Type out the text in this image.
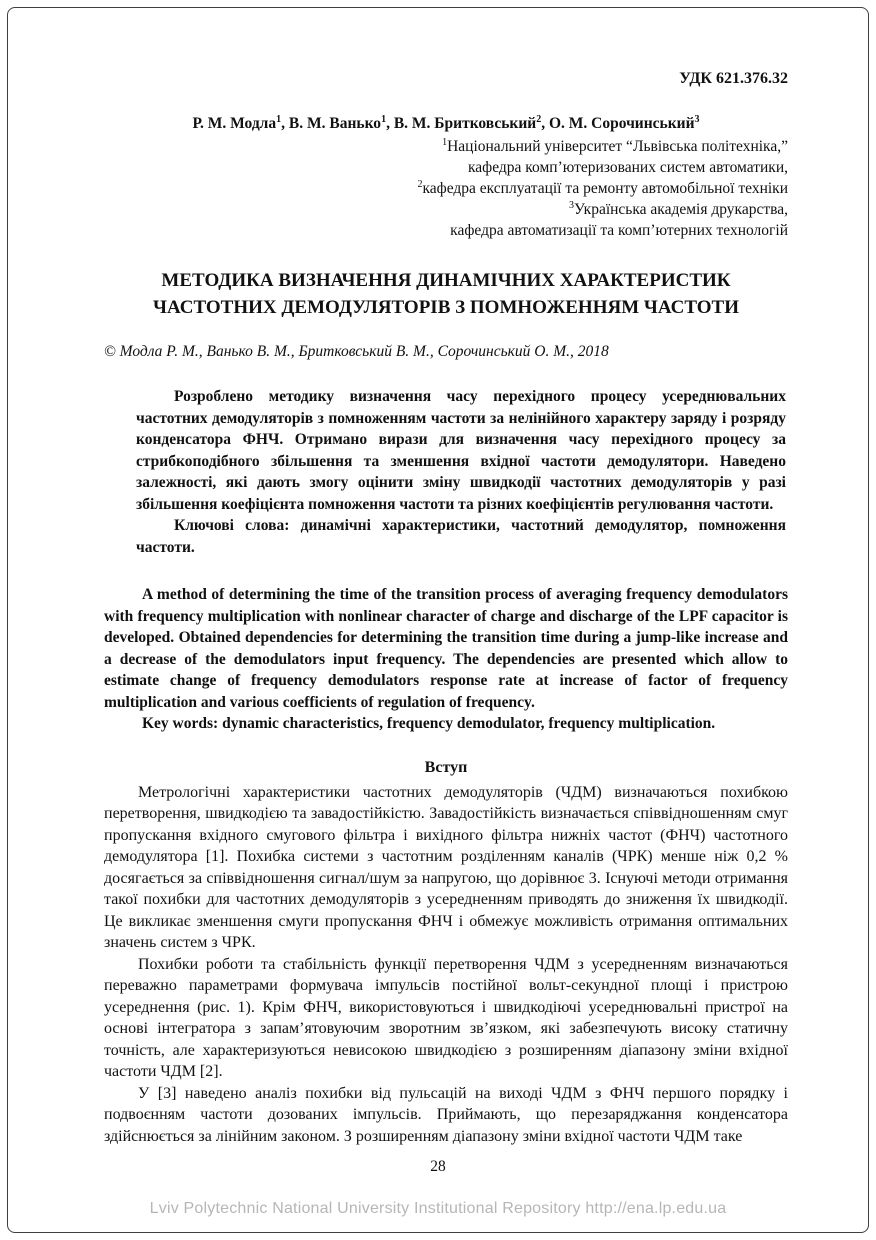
УДК 621.376.32
Р. М. Модла$^1$, В. М. Ванько$^1$, В. М. Бритковський$^2$, О. М. Сорочинський$^3$
$^1$Національний університет “Львівська політехніка,”
кафедра комп’ютеризованих систем автоматики,
$^2$кафедра експлуатації та ремонту автомобільної техніки
$^3$Українська академія друкарства,
кафедра автоматизації та комп’ютерних технологій
МЕТОДИКА ВИЗНАЧЕННЯ ДИНАМІЧНИХ ХАРАКТЕРИСТИК ЧАСТОТНИХ ДЕМОДУЛЯТОРІВ З ПОМНОЖЕННЯМ ЧАСТОТИ
© Модла Р. М., Ванько В. М., Бритковський В. М., Сорочинський О. М., 2018

Розроблено методику визначення часу перехідного процесу усереднювальних частотних демодуляторів з помноженням частоти за нелінійного характеру заряду і розряду конденсатора ФНЧ. Отримано вирази для визначення часу перехідного процесу за стрибкоподібного збільшення та зменшення вхідної частоти демодулятори. Наведено залежності, які дають змогу оцінити зміну швидкодії частотних демодуляторів у разі збільшення коефіцієнта помноження частоти та різних коефіцієнтів регулювання частоти.

Ключові слова: динамічні характеристики, частотний демодулятор, помноження частоти.

A method of determining the time of the transition process of averaging frequency demodulators with frequency multiplication with nonlinear character of charge and discharge of the LPF capacitor is developed. Obtained dependencies for determining the transition time during a jump-like increase and a decrease of the demodulators input frequency. The dependencies are presented which allow to estimate change of frequency demodulators response rate at increase of factor of frequency multiplication and various coefficients of regulation of frequency.

Key words: dynamic characteristics, frequency demodulator, frequency multiplication.

Вступ

Метрологічні характеристики частотних демодуляторів (ЧДМ) визначаються похибкою перетворення, швидкодією та завадостійкістю. Завадостійкість визначається співвідношенням смуг пропускання вхідного смугового фільтра і вихідного фільтра нижніх частот (ФНЧ) частотного демодулятора [1]. Похибка системи з частотним розділенням каналів (ЧРК) менше ніж 0,2 % досягається за співвідношення сигнал/шум за напругою, що дорівнює 3. Існуючі методи отримання такої похибки для частотних демодуляторів з усередненням приводять до зниження їх швидкодії. Це викликає зменшення смуги пропускання ФНЧ і обмежує можливість отримання оптимальних значень систем з ЧРК.

Похибки роботи та стабільність функції перетворення ЧДМ з усередненням визначаються переважно параметрами формувача імпульсів постійної вольт-секундної площі і пристрою усереднення (рис. 1). Крім ФНЧ, використовуються і швидкодіючі усереднювальні пристрої на основі інтегратора з запам’ятовуючим зворотним зв’язком, які забезпечують високу статичну точність, але характеризуються невисокою швидкодією з розширенням діапазону зміни вхідної частоти ЧДМ [2].

У [3] наведено аналіз похибки від пульсацій на виході ЧДМ з ФНЧ першого порядку і подвоєнням частоти дозованих імпульсів. Приймають, що перезаряджання конденсатора здійснюється за лінійним законом. З розширенням діапазону зміни вхідної частоти ЧДМ таке

28
Lviv Polytechnic National University Institutional Repository http://ena.lp.edu.ua
